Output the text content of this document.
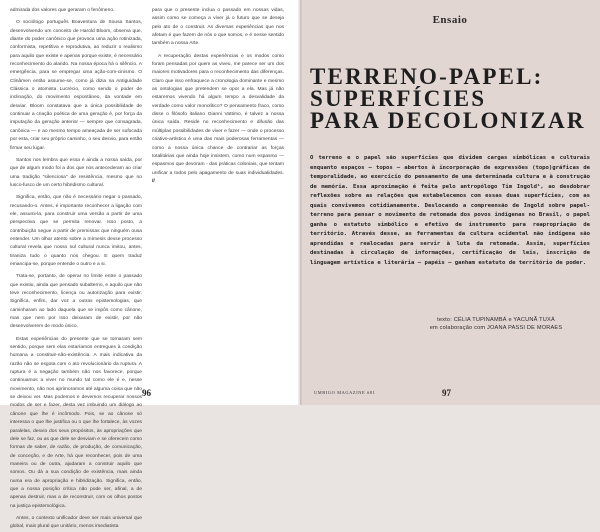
admirada dos valores que geraram o fenômeno.

O sociólogo português Boaventura de Sousa Santos, desenvolvendo um conceito de Harold Bloom, observa que, diante do poder canônico que provoca uma ação rotinizada, conformista, repetitiva e reprodutiva, ao reduzir o realismo para aquilo que existe e apenas porque existe, é necessário reconhecimento do alarido. Na nossa época há o silêncio. A emergência, para se empregar uma ação-com-cinismo. O Clinâmen então assume-se, como já dizia na Antiguidade Clássica o atomista Lucrécio, como sendo o poder de inclinação, do movimento espontâneo, da vontade em desviar. Bloom constatava que a única possibilidade de continuar a criação poética de uma geração é, por força da imputação da geração anterior — sempre que consagrada, canônica — e ao mesmo tempo ameaçada de ser sufocada por esta, criar seu próprio caminho, o seu desvio, para então firmar seu lugar.

Santos nos lembra que essa é ainda a nossa saída, por que de algum modo foi a dos que nos antecederam ao criar uma tradição “silenciosa” de resistência, mesmo que no lusco-fusco de um certo hibridismo cultural.

Significa, então, que não é necessário negar o passado, recusando-o. Antes, é importante reconhecer a ligação com ele, assumi-la, para construir uma versão a partir de uma perspectiva que se permita renovar. Isso posto, a contribuição segue a partir de premissas que ninguém ousa entender. Um olhar atento sobre a mímesis desse processo cultural revela que nosso sul cultural nunca imitou, antes, tiraniza tudo o quanto nos chegou. E quem traduz emancipa-se, porque entende o outro e a si.

Trata-se, portanto, de operar no limite entre o passado que existiu, ainda que pensado subalterno, e aquilo que não teve reconhecimento, licença ou autorização para existir. Significa, enfim, dar voz a outras epistemologias, que caminharam ao lado daquela que se impôs como cânone, mas que nem por isso deixaram de existir, por não desenvolverem de modo único.

Estas experiências do presente que se tornaram sem sentido, porque sem elas estaríamos entregues à condição humana a constituir-não-existência. A mais indicativa da razão não se esgota com o ato revolucionário da ruptura. A ruptura é a negação também não nos favorece, porque continuamos a viver no mundo tal como ele é e, nesse movimento, não nos aprimoramos até alguma coisa que não se deixou ver. Mas podemos e devemos recuperar nossos modos de ser e fazer, desta vez imbuindo um diálogo ao cânone que lhe é incômodo. Pois, se ao cânone só interessa o que lhe justifica ou o que lhe fortalece, às vozes paralelas, desvio dos seus propósitos, às apropriações que dele se faz, ou as que dele se desviam e se oferecem como formas de saber, de razão, de produção, de comunicação, de conceção, e de Arte, há que reconhecer, pois de uma maneira ou de outra, ajudaram a construir aquilo que somos. Ou dá a sua condição de existência, mais ainda numa era de apropriação e hibridização. Significa, então, que a nossa posição crítica não pode ser, afinal, a de apenas destruir, mas a de reconstruir, com os olhos postos na justiça epistemológica.

Antes, o contexto unificador deve ser mais universal que global, mais plural que unitário, menos imediatista

para que o presente inclua o passado em nossas vidas, assim como se começa a viver já o futuro que se deseja pelo ato de o construir. As diversas experiências que nos afetam é que fazem de nós o que somos, e é nesse sentido também a nossa Arte.

A recuperação destas experiências e os modos como foram pensadas por quem as viveu, me parece ser um dos maiores motivadores para o reconhecimento das diferenças. Claro que isso enfraquece a cronologia dominante e mesmo as ontologias que pretendem se opor a ela. Mas já não estaremos vivendo há algum tempo a desvalidade da verdade como valor monolítico? O pensamento fraco, como disse o filósofo italiano Gianni Vattimo, é talvez a nossa única saída. Reside no reconhecimento e difusão das múltiplas possibilidades de viver e fazer — onde o processo criativo-artístico é uma das mais poderosas ferramentas — como a nossa única chance de contrariar as forças totalitárias que ainda hoje insistem, como num espasmo — espasmos que devoram - das práticas coloniais, que tentam unificar a todos pelo apagamento de suas individualidades. //

96
Ensaio
TERRENO-PAPEL:
SUPERFÍCIES
PARA DECOLONIZAR

O terreno e o papel são superfícies que dividem cargas simbólicas e culturais enquanto espaços – topos – abertos à incorporação de expressões (topo)gráficas de temporalidade, ao exercício do pensamento de uma determinada cultura e à construção de memória. Essa aproximação é feita pelo antropólogo Tim Ingold¹, ao desdobrar reflexões sobre as relações que estabelecemos com essas duas superfícies, com as quais convivemos cotidianamente. Deslocando a compreensão de Ingold sobre papel-terreno para pensar o movimento de retomada dos povos indígenas no Brasil, o papel ganha o estatuto simbólico e efetivo de instrumento para reapropriação de território. Através desse, as ferramentas da cultura ocidental não indígena são aprendidas e realocadas para servir à luta da retomada. Assim, superfícies destinadas à circulação de informações, certificação de leis, inscrição de linguagem artística e literária – papéis – ganham estatuto de território de poder.

texto: CÉLIA TUPINAMBÁ e YACUNÃ TUXÁ
em colaboração com JOANA PASSI DE MORAES
UMBIGO MAGAZINE #81	97
